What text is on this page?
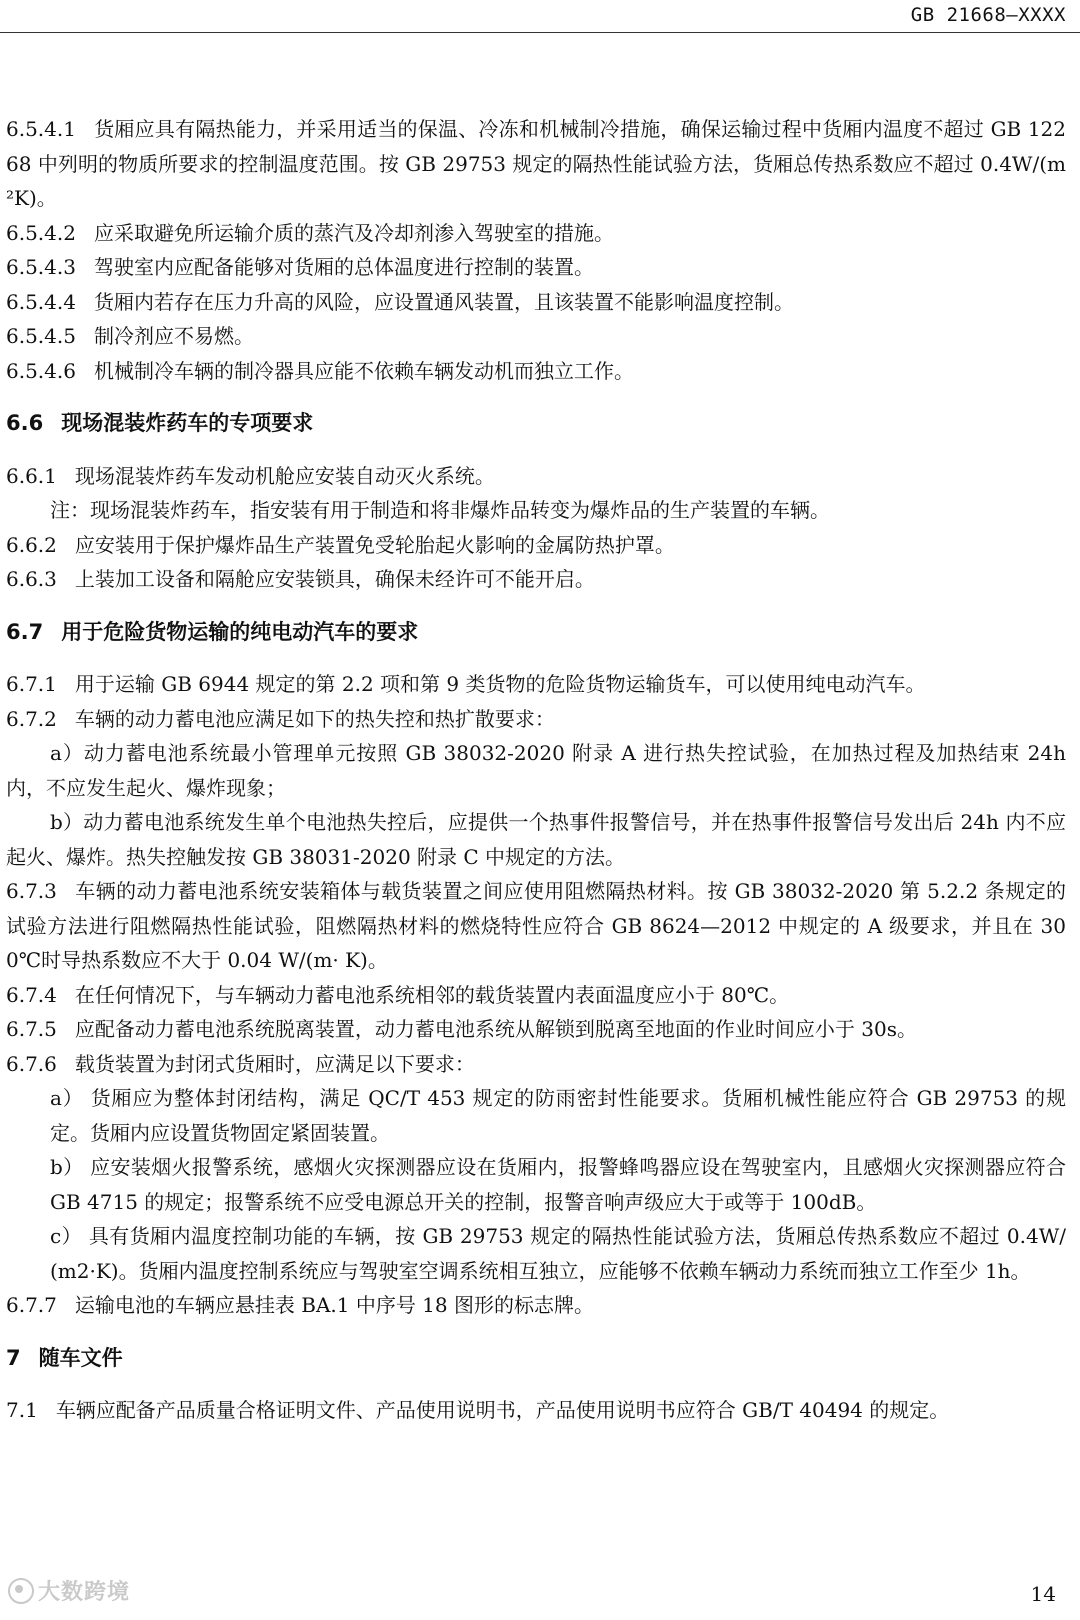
GB 21668—XXXX

6.5.4.1 货厢应具有隔热能力，并采用适当的保温、冷冻和机械制冷措施，确保运输过程中货厢内温度不超过 GB 12268 中列明的物质所要求的控制温度范围。按 GB 29753 规定的隔热性能试验方法，货厢总传热系数应不超过 0.4W/(m²K)。

6.5.4.2 应采取避免所运输介质的蒸汽及冷却剂渗入驾驶室的措施。

6.5.4.3 驾驶室内应配备能够对货厢的总体温度进行控制的装置。

6.5.4.4 货厢内若存在压力升高的风险，应设置通风装置，且该装置不能影响温度控制。

6.5.4.5 制冷剂应不易燃。

6.5.4.6 机械制冷车辆的制冷器具应能不依赖车辆发动机而独立工作。

6.6 现场混装炸药车的专项要求

6.6.1 现场混装炸药车发动机舱应安装自动灭火系统。

注：现场混装炸药车，指安装有用于制造和将非爆炸品转变为爆炸品的生产装置的车辆。

6.6.2 应安装用于保护爆炸品生产装置免受轮胎起火影响的金属防热护罩。

6.6.3 上装加工设备和隔舱应安装锁具，确保未经许可不能开启。

6.7 用于危险货物运输的纯电动汽车的要求

6.7.1 用于运输 GB 6944 规定的第 2.2 项和第 9 类货物的危险货物运输货车，可以使用纯电动汽车。

6.7.2 车辆的动力蓄电池应满足如下的热失控和热扩散要求：

a）动力蓄电池系统最小管理单元按照 GB 38032-2020 附录 A 进行热失控试验，在加热过程及加热结束 24h 内，不应发生起火、爆炸现象；

b）动力蓄电池系统发生单个电池热失控后，应提供一个热事件报警信号，并在热事件报警信号发出后 24h 内不应起火、爆炸。热失控触发按 GB 38031-2020 附录 C 中规定的方法。

6.7.3 车辆的动力蓄电池系统安装箱体与载货装置之间应使用阻燃隔热材料。按 GB 38032-2020 第 5.2.2 条规定的试验方法进行阻燃隔热性能试验，阻燃隔热材料的燃烧特性应符合 GB 8624—2012 中规定的 A 级要求，并且在 300℃时导热系数应不大于 0.04 W/(m· K)。

6.7.4 在任何情况下，与车辆动力蓄电池系统相邻的载货装置内表面温度应小于 80℃。

6.7.5 应配备动力蓄电池系统脱离装置，动力蓄电池系统从解锁到脱离至地面的作业时间应小于 30s。

6.7.6 载货装置为封闭式货厢时，应满足以下要求：

a） 货厢应为整体封闭结构，满足 QC/T 453 规定的防雨密封性能要求。货厢机械性能应符合 GB 29753 的规定。货厢内应设置货物固定紧固装置。

b） 应安装烟火报警系统，感烟火灾探测器应设在货厢内，报警蜂鸣器应设在驾驶室内，且感烟火灾探测器应符合 GB 4715 的规定；报警系统不应受电源总开关的控制，报警音响声级应大于或等于 100dB。

c） 具有货厢内温度控制功能的车辆，按 GB 29753 规定的隔热性能试验方法，货厢总传热系数应不超过 0.4W/(m2·K)。货厢内温度控制系统应与驾驶室空调系统相互独立，应能够不依赖车辆动力系统而独立工作至少 1h。

6.7.7 运输电池的车辆应悬挂表 BA.1 中序号 18 图形的标志牌。

7 随车文件

7.1 车辆应配备产品质量合格证明文件、产品使用说明书，产品使用说明书应符合 GB/T 40494 的规定。

大数跨境	14
